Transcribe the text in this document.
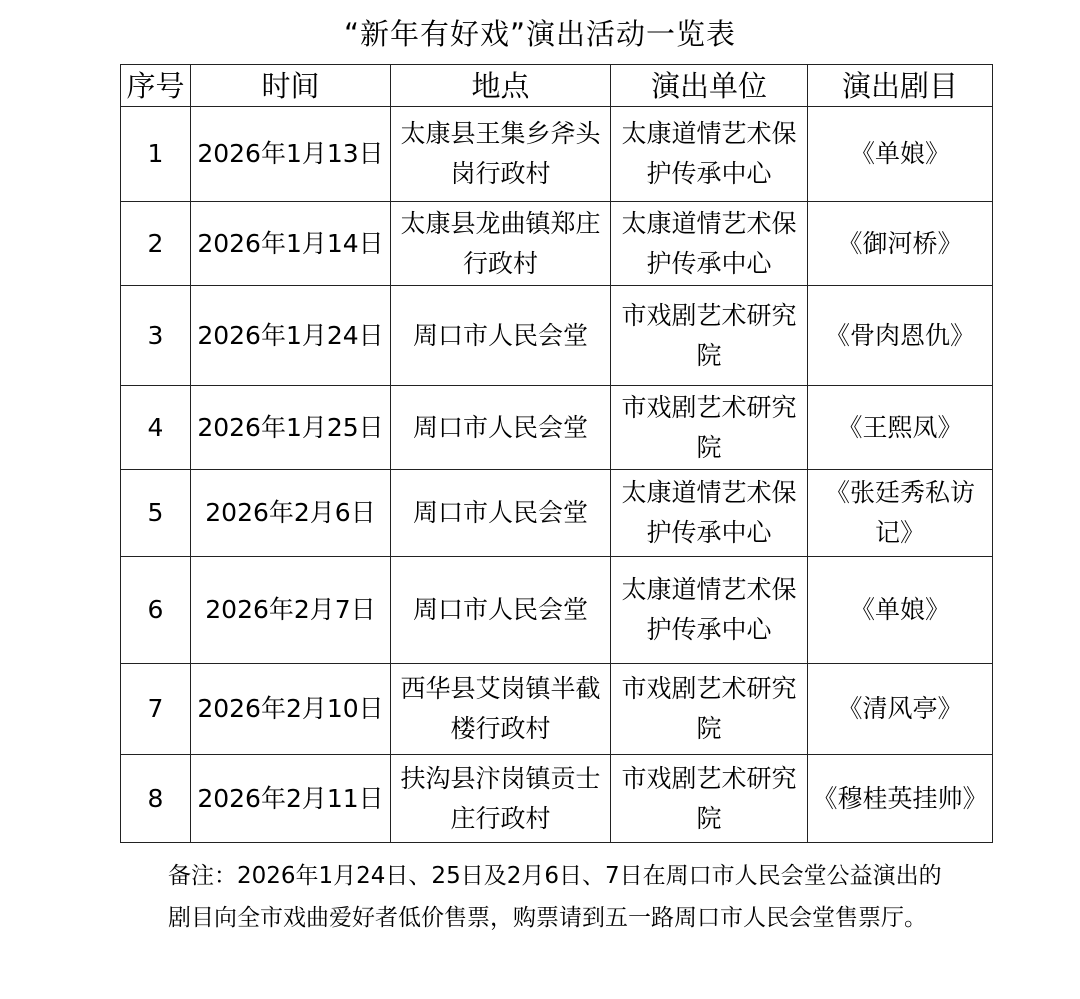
“新年有好戏”演出活动一览表
序号	时间	地点	演出单位	演出剧目
1	2026年1月13日	太康县王集乡斧头岗行政村	太康道情艺术保护传承中心	《单娘》
2	2026年1月14日	太康县龙曲镇郑庄行政村	太康道情艺术保护传承中心	《御河桥》
3	2026年1月24日	周口市人民会堂	市戏剧艺术研究院	《骨肉恩仇》
4	2026年1月25日	周口市人民会堂	市戏剧艺术研究院	《王熙凤》
5	2026年2月6日	周口市人民会堂	太康道情艺术保护传承中心	《张廷秀私访记》
6	2026年2月7日	周口市人民会堂	太康道情艺术保护传承中心	《单娘》
7	2026年2月10日	西华县艾岗镇半截楼行政村	市戏剧艺术研究院	《清风亭》
8	2026年2月11日	扶沟县汴岗镇贡士庄行政村	市戏剧艺术研究院	《穆桂英挂帅》
备注：2026年1月24日、25日及2月6日、7日在周口市人民会堂公益演出的剧目向全市戏曲爱好者低价售票，购票请到五一路周口市人民会堂售票厅。
